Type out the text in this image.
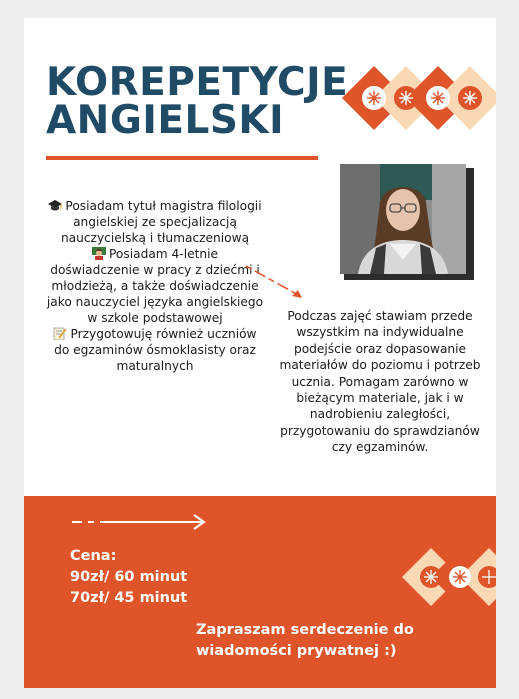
KOREPETYCJE
ANGIELSKI

Posiadam tytuł magistra filologii angielskiej ze specjalizacją nauczycielską i tłumaczeniową

Posiadam 4-letnie doświadczenie w pracy z dziećmi i młodzieżą, a także doświadczenie jako nauczyciel języka angielskiego w szkole podstawowej

Przygotowuję również uczniów do egzaminów ósmoklasisty oraz maturalnych

Podczas zajęć stawiam przede wszystkim na indywidualne podejście oraz dopasowanie materiałów do poziomu i potrzeb ucznia. Pomagam zarówno w bieżącym materiale, jak i w nadrobieniu zaległości, przygotowaniu do sprawdzianów czy egzaminów.

Cena:
90zł/ 60 minut
70zł/ 45 minut

Zapraszam serdeczenie do wiadomości prywatnej :)
